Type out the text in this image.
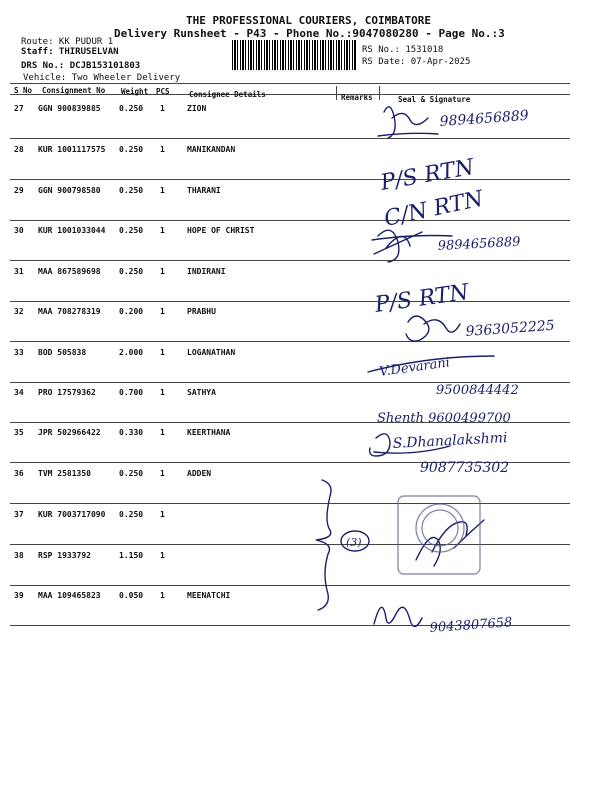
THE PROFESSIONAL COURIERS, COIMBATORE
Delivery Runsheet - P43 - Phone No.:9047080280 - Page No.:3
Route: KK PUDUR 1
Staff: THIRUSELVAN
DRS No.: DCJB153101803
Vehicle: Two Wheeler Delivery
RS No.: 1531018
RS Date: 07-Apr-2025
S No Consignment No Weight PCS	Consignee Details	Remarks	Seal & Signature
27 GGN 900839885 0.250 1	ZION
28 KUR 1001117575 0.250 1	MANIKANDAN
29 GGN 900798580 0.250 1	THARANI
30 KUR 1001033044 0.250 1	HOPE OF CHRIST
31 MAA 867589698 0.250 1	INDIRANI
32 MAA 708278319 0.200 1	PRABHU
33 BOD 505838	2.000 1	LOGANATHAN
34 PRO 17579362	0.700 1	SATHYA
35 JPR 502966422 0.330 1	KEERTHANA
36 TVM 2581350	0.250 1	ADDEN
37 KUR 7003717090 0.250 1
38 RSP 1933792	1.150 1
39 MAA 109465823 0.050 1	MEENATCHI
9894656889
P/S RTN
C/N RTN
9894656889
P/S RTN
9363052225
V.Devarani
9500844442
Shenth 9600499700
S.Dhanalakshmi
9087735302
(3)
9043807658
